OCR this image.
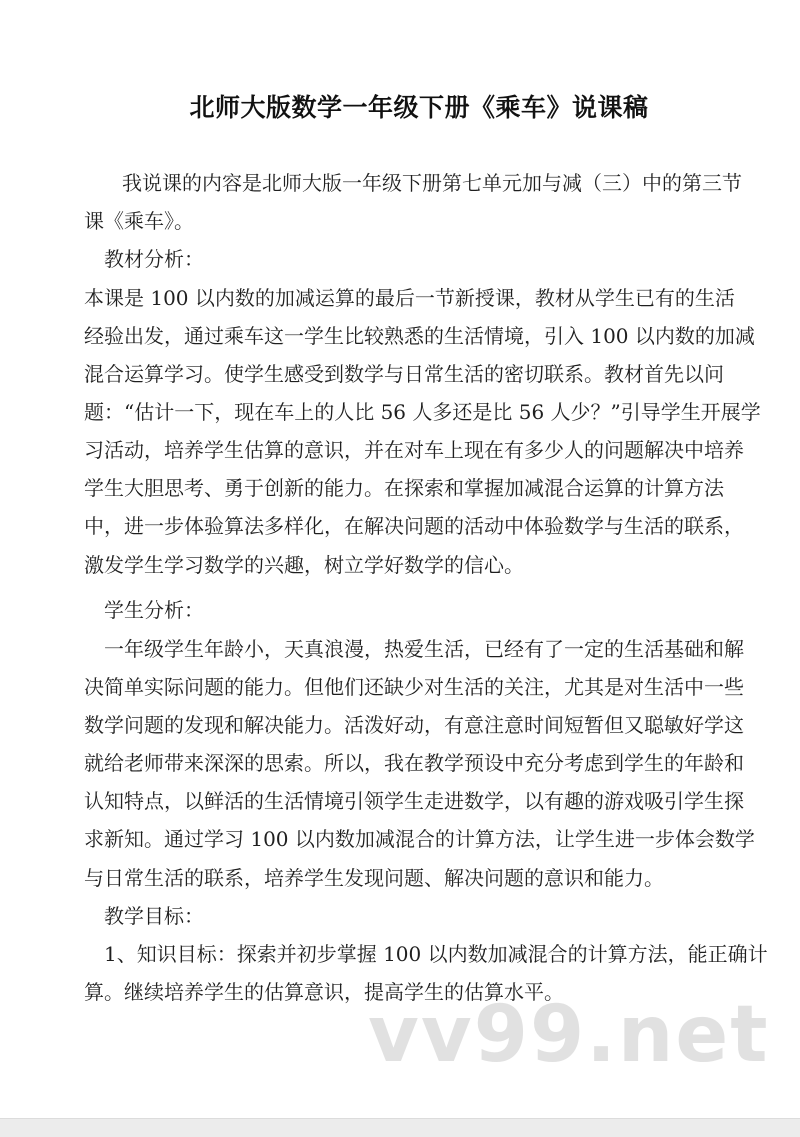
北师大版数学一年级下册《乘车》说课稿

我说课的内容是北师大版一年级下册第七单元加与减（三）中的第三节

课《乘车》。

教材分析：

本课是 100 以内数的加减运算的最后一节新授课，教材从学生已有的生活

经验出发，通过乘车这一学生比较熟悉的生活情境，引入 100 以内数的加减

混合运算学习。使学生感受到数学与日常生活的密切联系。教材首先以问

题：“估计一下，现在车上的人比 56 人多还是比 56 人少？”引导学生开展学

习活动，培养学生估算的意识，并在对车上现在有多少人的问题解决中培养

学生大胆思考、勇于创新的能力。在探索和掌握加减混合运算的计算方法

中，进一步体验算法多样化，在解决问题的活动中体验数学与生活的联系，

激发学生学习数学的兴趣，树立学好数学的信心。

学生分析：

一年级学生年龄小，天真浪漫，热爱生活，已经有了一定的生活基础和解

决简单实际问题的能力。但他们还缺少对生活的关注，尤其是对生活中一些

数学问题的发现和解决能力。活泼好动，有意注意时间短暂但又聪敏好学这

就给老师带来深深的思索。所以，我在教学预设中充分考虑到学生的年龄和

认知特点，以鲜活的生活情境引领学生走进数学，以有趣的游戏吸引学生探

求新知。通过学习 100 以内数加减混合的计算方法，让学生进一步体会数学

与日常生活的联系，培养学生发现问题、解决问题的意识和能力。

教学目标：

1、知识目标：探索并初步掌握 100 以内数加减混合的计算方法，能正确计

算。继续培养学生的估算意识，提高学生的估算水平。

vv99.net
